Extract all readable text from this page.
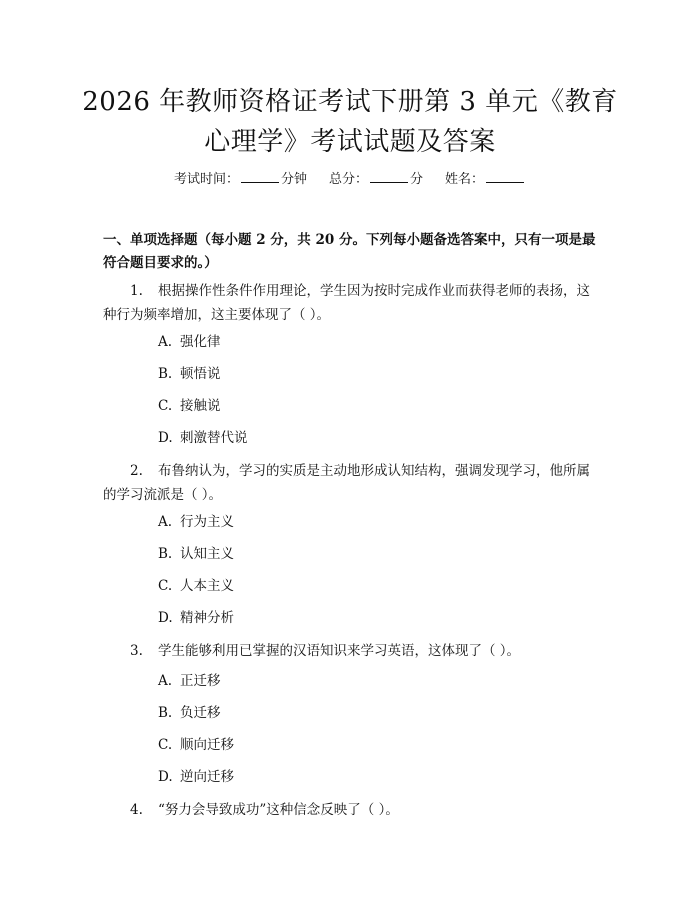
2026 年教师资格证考试下册第 3 单元《教育
心理学》考试试题及答案
考试时间：	分钟 总分：	分 姓名：

一、单项选择题（每小题 2 分，共 20 分。下列每小题备选答案中，只有一项是最符合题目要求的。）

1. 根据操作性条件作用理论，学生因为按时完成作业而获得老师的表扬，这种行为频率增加，这主要体现了（ ）。

A. 强化律

B. 顿悟说

C. 接触说

D. 刺激替代说

2. 布鲁纳认为，学习的实质是主动地形成认知结构，强调发现学习，他所属的学习流派是（ ）。

A. 行为主义

B. 认知主义

C. 人本主义

D. 精神分析

3. 学生能够利用已掌握的汉语知识来学习英语，这体现了（ ）。

A. 正迁移

B. 负迁移

C. 顺向迁移

D. 逆向迁移

4. “努力会导致成功”这种信念反映了（ ）。
